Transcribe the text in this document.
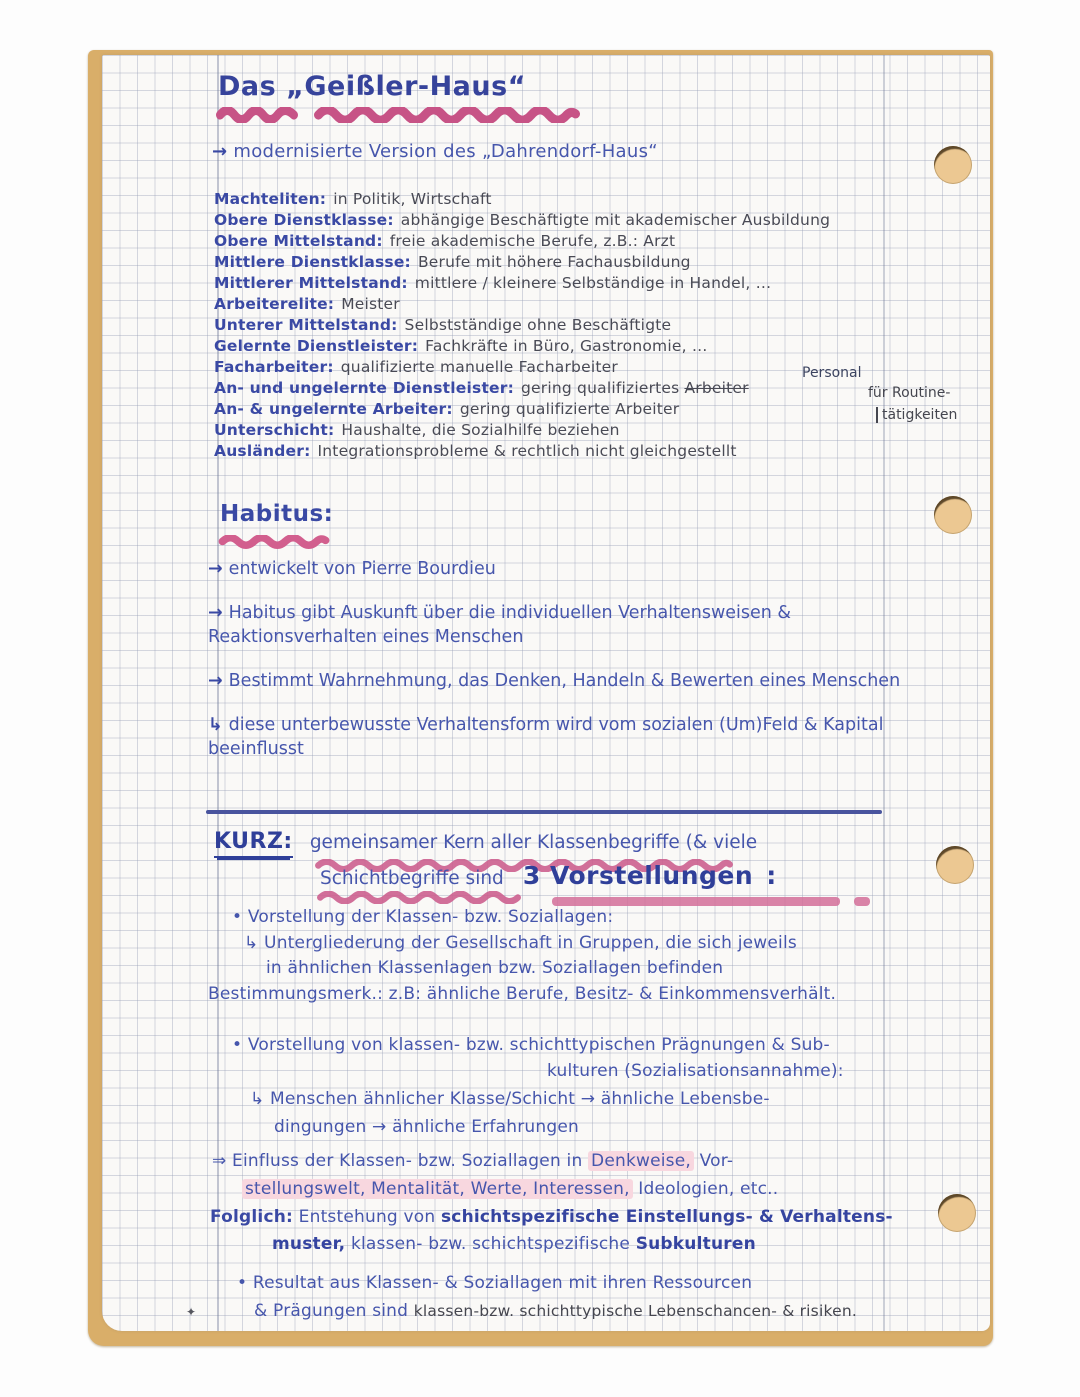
Das „Geißler-Haus“
→ modernisierte Version des „Dahrendorf-Haus“
Machteliten: in Politik, Wirtschaft
Obere Dienstklasse: abhängige Beschäftigte mit akademischer Ausbildung
Obere Mittelstand: freie akademische Berufe, z.B.: Arzt
Mittlere Dienstklasse: Berufe mit höhere Fachausbildung
Mittlerer Mittelstand: mittlere / kleinere Selbständige in Handel, …
Arbeiterelite: Meister
Unterer Mittelstand: Selbstständige ohne Beschäftigte
Gelernte Dienstleister: Fachkräfte in Büro, Gastronomie, …
Facharbeiter: qualifizierte manuelle Facharbeiter
An- und ungelernte Dienstleister: gering qualifiziertes Arbeiter
An- & ungelernte Arbeiter: gering qualifizierte Arbeiter
Unterschicht: Haushalte, die Sozialhilfe beziehen
Ausländer: Integrationsprobleme & rechtlich nicht gleichgestellt
Personal
für Routine-
tätigkeiten
Habitus:

→ entwickelt von Pierre Bourdieu

→ Habitus gibt Auskunft über die individuellen Verhaltensweisen & Reaktionsverhalten eines Menschen

→ Bestimmt Wahrnehmung, das Denken, Handeln & Bewerten eines Menschen

↳ diese unterbewusste Verhaltensform wird vom sozialen (Um)Feld & Kapital beeinflusst

KURZ: gemeinsamer Kern aller Klassenbegriffe (& viele
Schichtbegriffe sind 3 Vorstellungen :
• Vorstellung der Klassen- bzw. Soziallagen:
↳ Untergliederung der Gesellschaft in Gruppen, die sich jeweils
in ähnlichen Klassenlagen bzw. Soziallagen befinden
Bestimmungsmerk.: z.B: ähnliche Berufe, Besitz- & Einkommensverhält.
• Vorstellung von klassen- bzw. schichttypischen Prägnungen & Sub-
kulturen (Sozialisationsannahme):
↳ Menschen ähnlicher Klasse/Schicht → ähnliche Lebensbe-
dingungen → ähnliche Erfahrungen
⇒ Einfluss der Klassen- bzw. Soziallagen in Denkweise, Vor-
stellungswelt, Mentalität, Werte, Interessen, Ideologien, etc..
Folglich: Entstehung von schichtspezifische Einstellungs- & Verhaltens-
muster, klassen- bzw. schichtspezifische Subkulturen
• Resultat aus Klassen- & Soziallagen mit ihren Ressourcen
& Prägungen sind klassen-bzw. schichttypische Lebenschancen- & risiken.
✦
